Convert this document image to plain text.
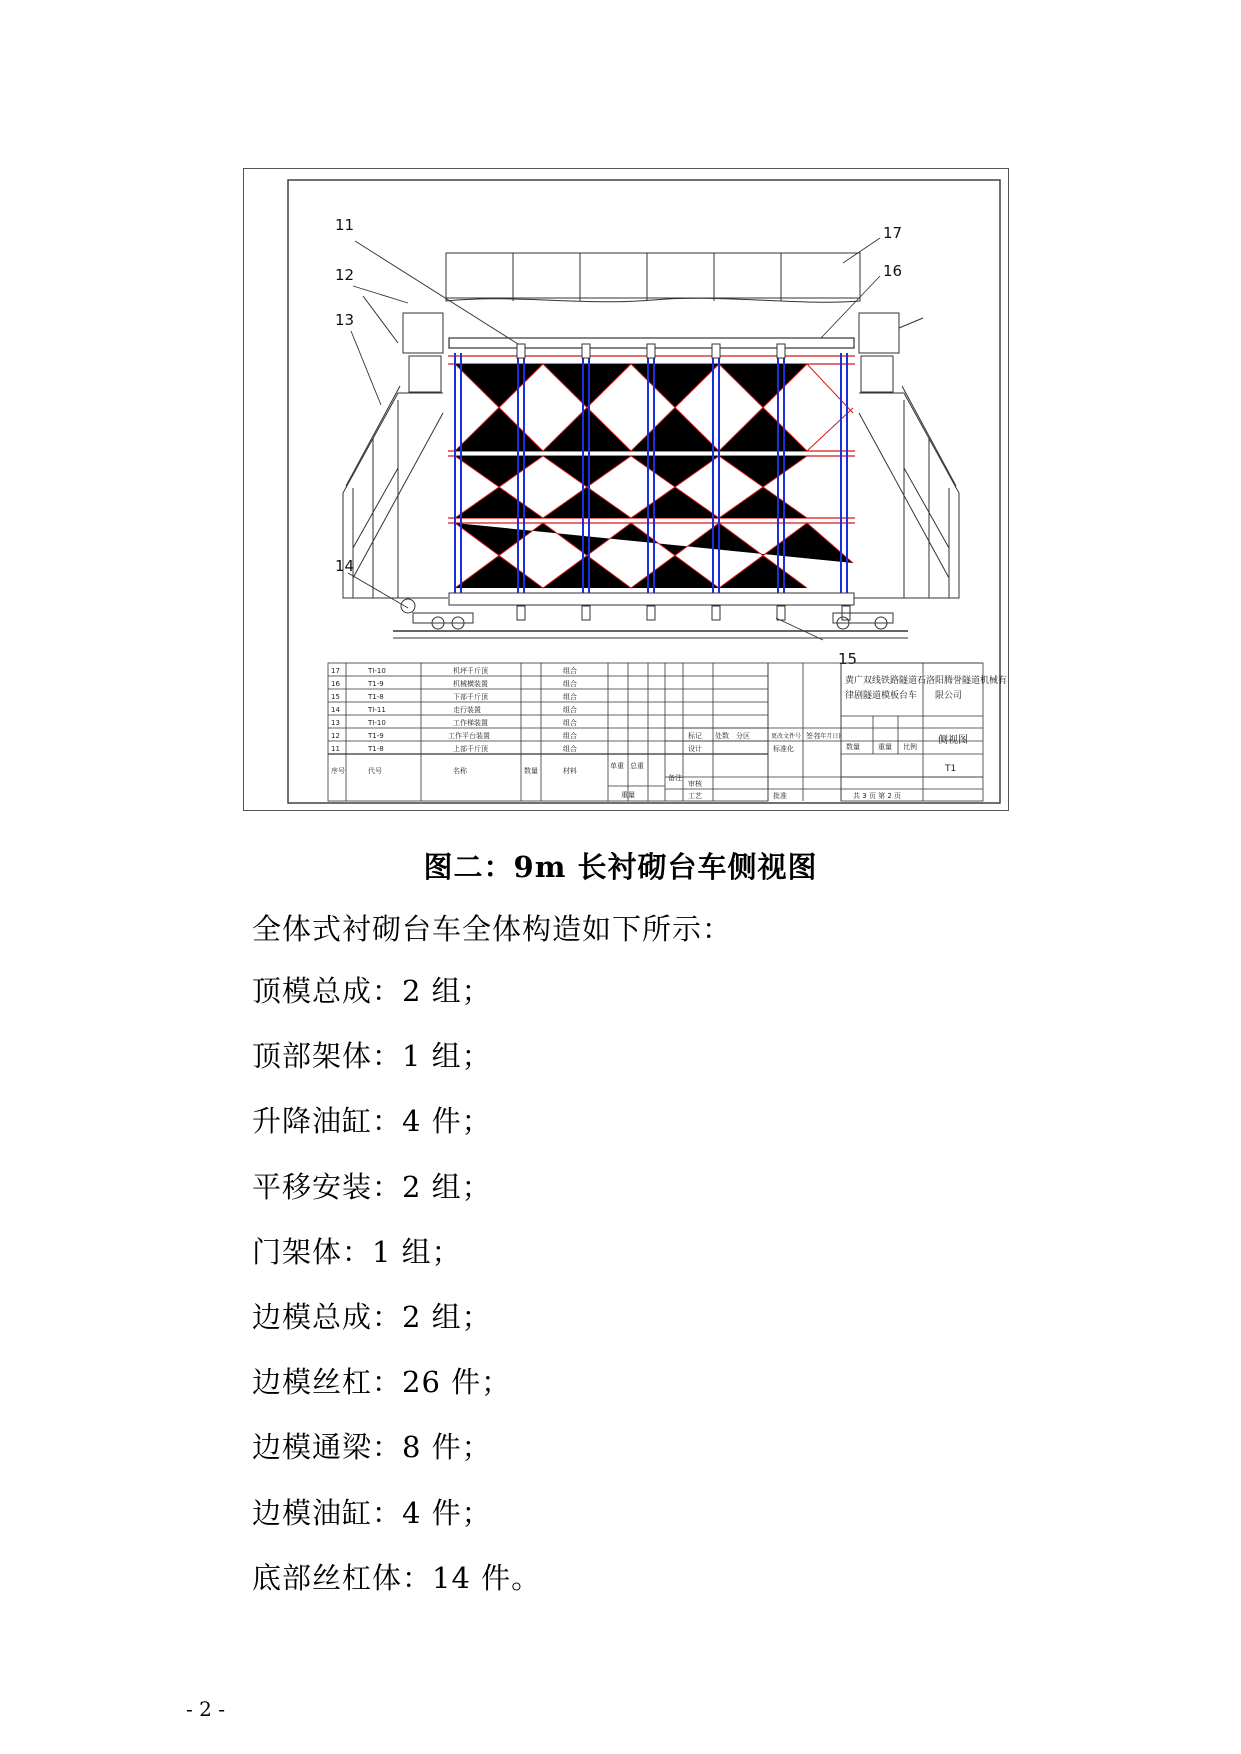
11
12
13
14
15
16
17
17	TI-10	机坪千斤顶	组合
16	T1-9	机械横装置	组合
15	T1-8	下部千斤顶	组合
14	TI-11	走行装置	组合
13	TI-10	工作梯装置	组合
12	T1-9	工作平台装置	组合
11	T1-8	上部千斤顶	组合
序号	代号	名称	数量	材料
单重 总重
重量
备注
标记 处数 分区	更改文件号 签名
(年月日)
设计	标准化
审核
工艺	批准
黄广双线铁路隧道石
律剧隧道模板台车
洛阳腾誉隧道机械有
限公司
侧视图
数量	重量 比例
T1
共 3 页 第 2 页
图二：9m 长衬砌台车侧视图
全体式衬砌台车全体构造如下所示：
顶模总成：2 组；
顶部架体：1 组；
升降油缸：4 件；
平移安装：2 组；
门架体：1 组；
边模总成：2 组；
边模丝杠：26 件；
边模通梁：8 件；
边模油缸：4 件；
底部丝杠体：14 件。
- 2 -
